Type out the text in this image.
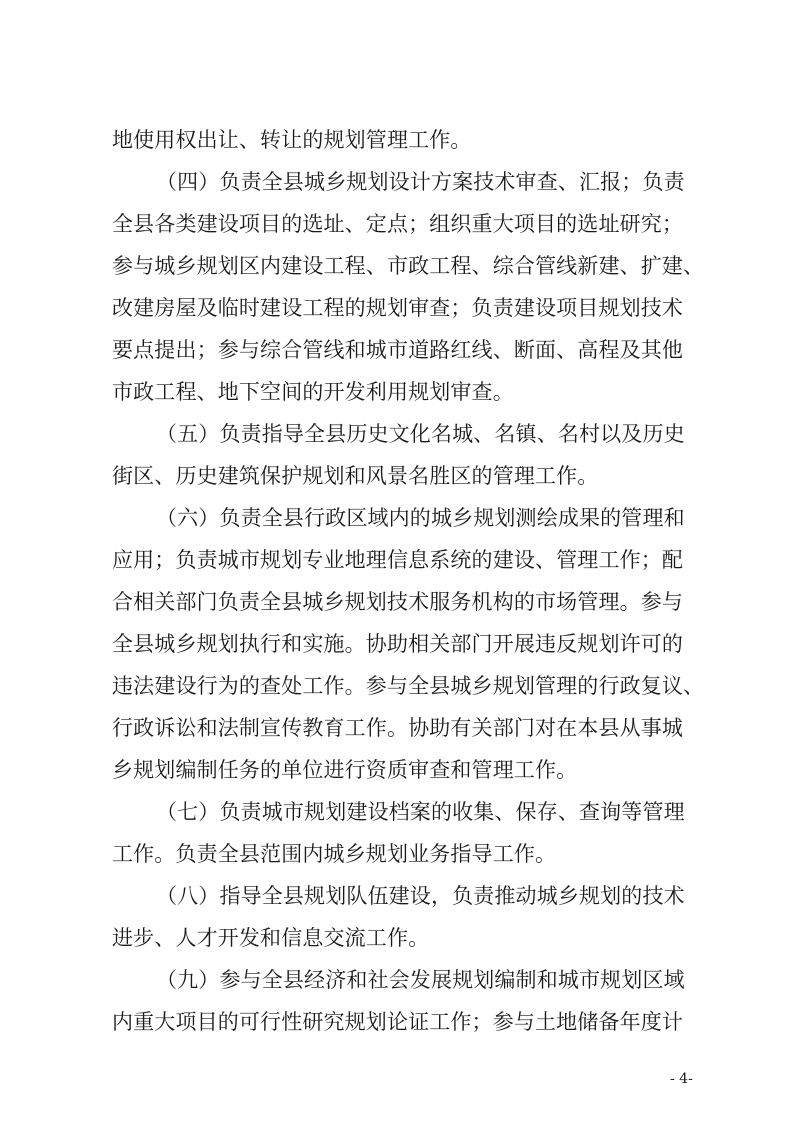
地使用权出让、转让的规划管理工作。
（四）负责全县城乡规划设计方案技术审查、汇报；负责
全县各类建设项目的选址、定点；组织重大项目的选址研究；
参与城乡规划区内建设工程、市政工程、综合管线新建、扩建、
改建房屋及临时建设工程的规划审查；负责建设项目规划技术
要点提出；参与综合管线和城市道路红线、断面、高程及其他
市政工程、地下空间的开发利用规划审查。
（五）负责指导全县历史文化名城、名镇、名村以及历史
街区、历史建筑保护规划和风景名胜区的管理工作。
（六）负责全县行政区域内的城乡规划测绘成果的管理和
应用；负责城市规划专业地理信息系统的建设、管理工作；配
合相关部门负责全县城乡规划技术服务机构的市场管理。参与
全县城乡规划执行和实施。协助相关部门开展违反规划许可的
违法建设行为的查处工作。参与全县城乡规划管理的行政复议、
行政诉讼和法制宣传教育工作。协助有关部门对在本县从事城
乡规划编制任务的单位进行资质审查和管理工作。
（七）负责城市规划建设档案的收集、保存、查询等管理
工作。负责全县范围内城乡规划业务指导工作。
（八）指导全县规划队伍建设，负责推动城乡规划的技术
进步、人才开发和信息交流工作。
（九）参与全县经济和社会发展规划编制和城市规划区域
内重大项目的可行性研究规划论证工作；参与土地储备年度计
- 4-
